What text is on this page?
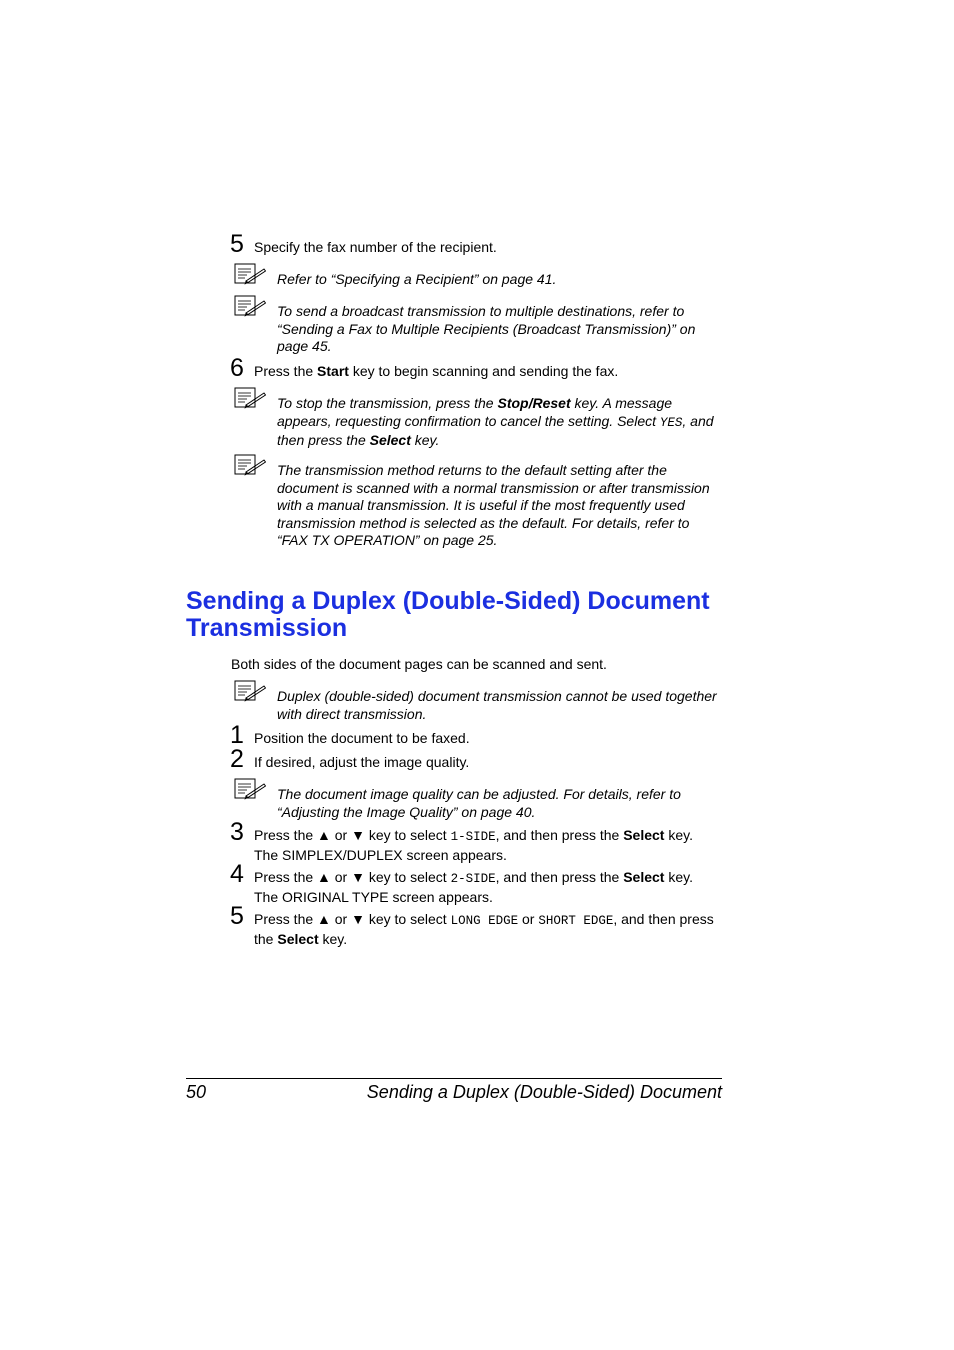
5 Specify the fax number of the recipient.
Refer to “Specifying a Recipient” on page 41.
To send a broadcast transmission to multiple destinations, refer to “Sending a Fax to Multiple Recipients (Broadcast Transmission)” on page 45.
6 Press the Start key to begin scanning and sending the fax.
To stop the transmission, press the Stop/Reset key. A message appears, requesting confirmation to cancel the setting. Select YES, and then press the Select key.
The transmission method returns to the default setting after the document is scanned with a normal transmission or after transmission with a manual transmission. It is useful if the most frequently used transmission method is selected as the default. For details, refer to “FAX TX OPERATION” on page 25.
Sending a Duplex (Double-Sided) Document Transmission
Both sides of the document pages can be scanned and sent.
Duplex (double-sided) document transmission cannot be used together with direct transmission.
1 Position the document to be faxed.
2 If desired, adjust the image quality.
The document image quality can be adjusted. For details, refer to “Adjusting the Image Quality” on page 40.
3 Press the ▲ or ▼ key to select 1-SIDE, and then press the Select key.
The SIMPLEX/DUPLEX screen appears.
4 Press the ▲ or ▼ key to select 2-SIDE, and then press the Select key.
The ORIGINAL TYPE screen appears.
5 Press the ▲ or ▼ key to select LONG EDGE or SHORT EDGE, and then press the Select key.
50	Sending a Duplex (Double-Sided) Document
